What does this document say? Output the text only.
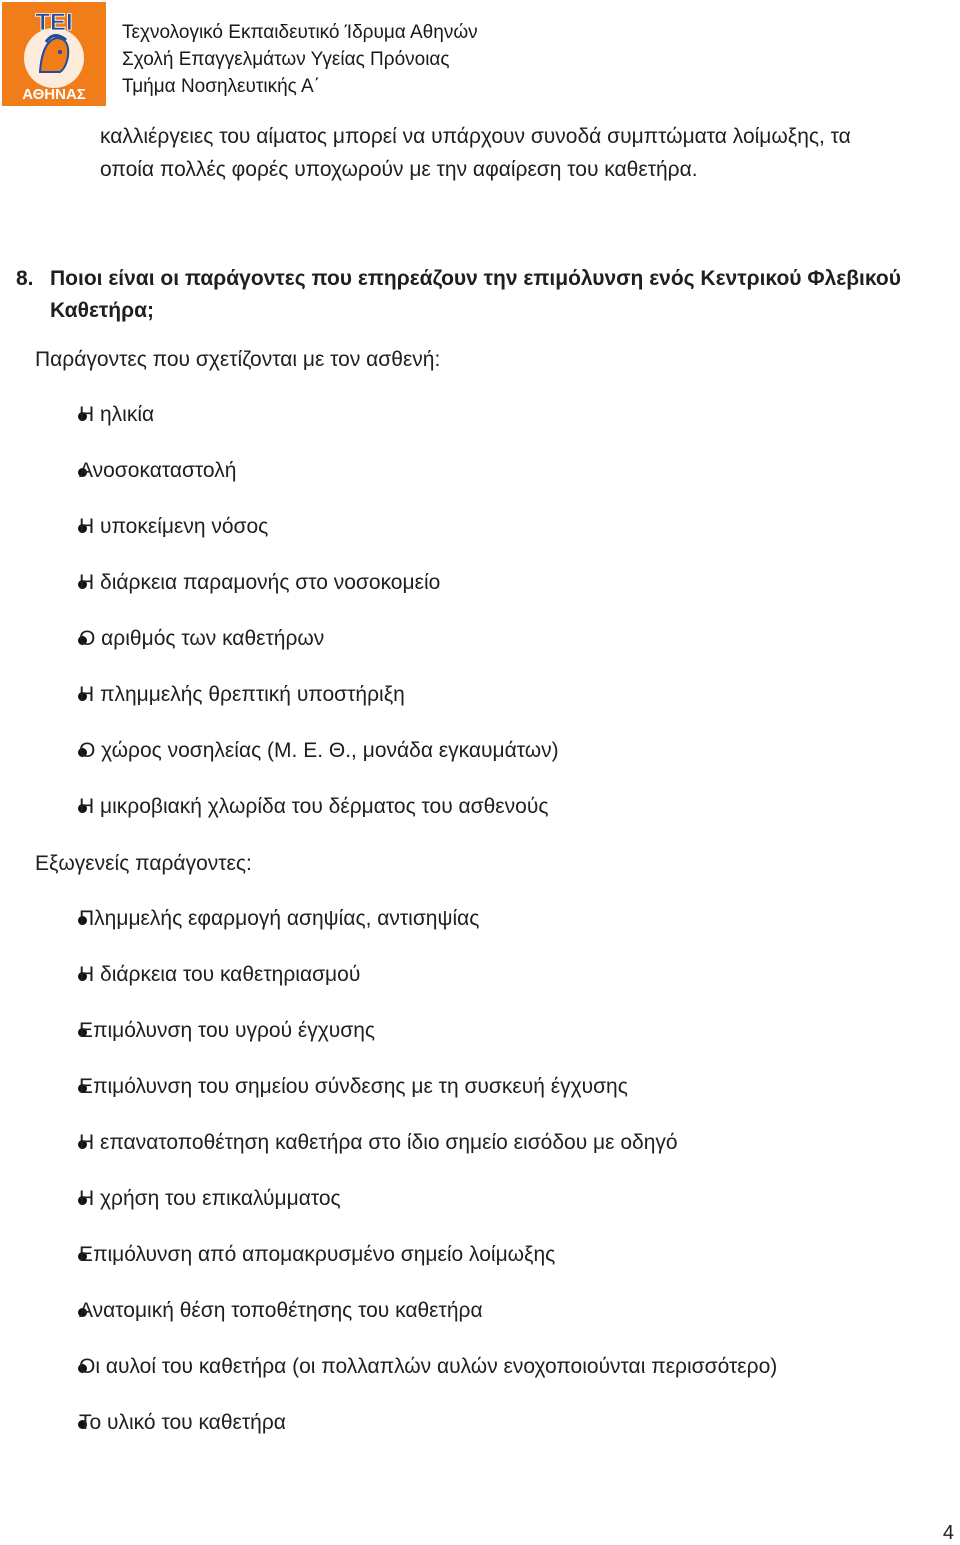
ΤΕΙ
ΑΘΗΝΑΣ
Τεχνολογικό Εκπαιδευτικό Ίδρυμα Αθηνών
Σχολή Επαγγελμάτων Υγείας Πρόνοιας
Τμήμα Νοσηλευτικής Α΄
καλλιέργειες του αίματος μπορεί να υπάρχουν συνοδά συμπτώματα λοίμωξης, τα
οποία πολλές φορές υποχωρούν με την αφαίρεση του καθετήρα.
8. Ποιοι είναι οι παράγοντες που επηρεάζουν την επιμόλυνση ενός Κεντρικού Φλεβικού
Καθετήρα;
Παράγοντες που σχετίζονται με τον ασθενή:
Η ηλικία
Ανοσοκαταστολή
Η υποκείμενη νόσος
Η διάρκεια παραμονής στο νοσοκομείο
Ο αριθμός των καθετήρων
Η πλημμελής θρεπτική υποστήριξη
Ο χώρος νοσηλείας (Μ. Ε. Θ., μονάδα εγκαυμάτων)
Η μικροβιακή χλωρίδα του δέρματος του ασθενούς
Εξωγενείς παράγοντες:
Πλημμελής εφαρμογή ασηψίας, αντισηψίας
Η διάρκεια του καθετηριασμού
Επιμόλυνση του υγρού έγχυσης
Επιμόλυνση του σημείου σύνδεσης με τη συσκευή έγχυσης
Η επανατοποθέτηση καθετήρα στο ίδιο σημείο εισόδου με οδηγό
Η χρήση του επικαλύμματος
Επιμόλυνση από απομακρυσμένο σημείο λοίμωξης
Ανατομική θέση τοποθέτησης του καθετήρα
Οι αυλοί του καθετήρα (οι πολλαπλών αυλών ενοχοποιούνται περισσότερο)
Το υλικό του καθετήρα
4
